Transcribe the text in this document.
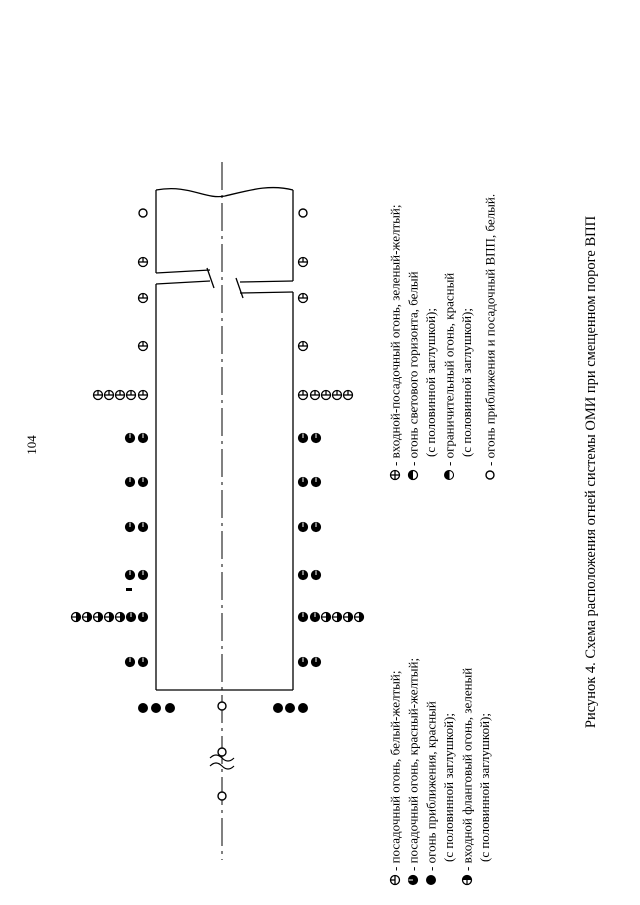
104
- посадочный огонь, белый-желтый; - посадочный огонь, красный-желтый; - огонь приближения, красный (с половинной заглушкой); - входной фланговый огонь, зеленый (с половинной заглушкой);
- входной-посадочный огонь, зеленый-желтый; - огонь светового горизонта, белый (с половинной заглушкой); - ограничительный огонь, красный (с половинной заглушкой); - огонь приближения и посадочный ВПП, белый.	Рисунок 4. Схема расположения огней системы ОМИ при смещенном пороге ВПП
